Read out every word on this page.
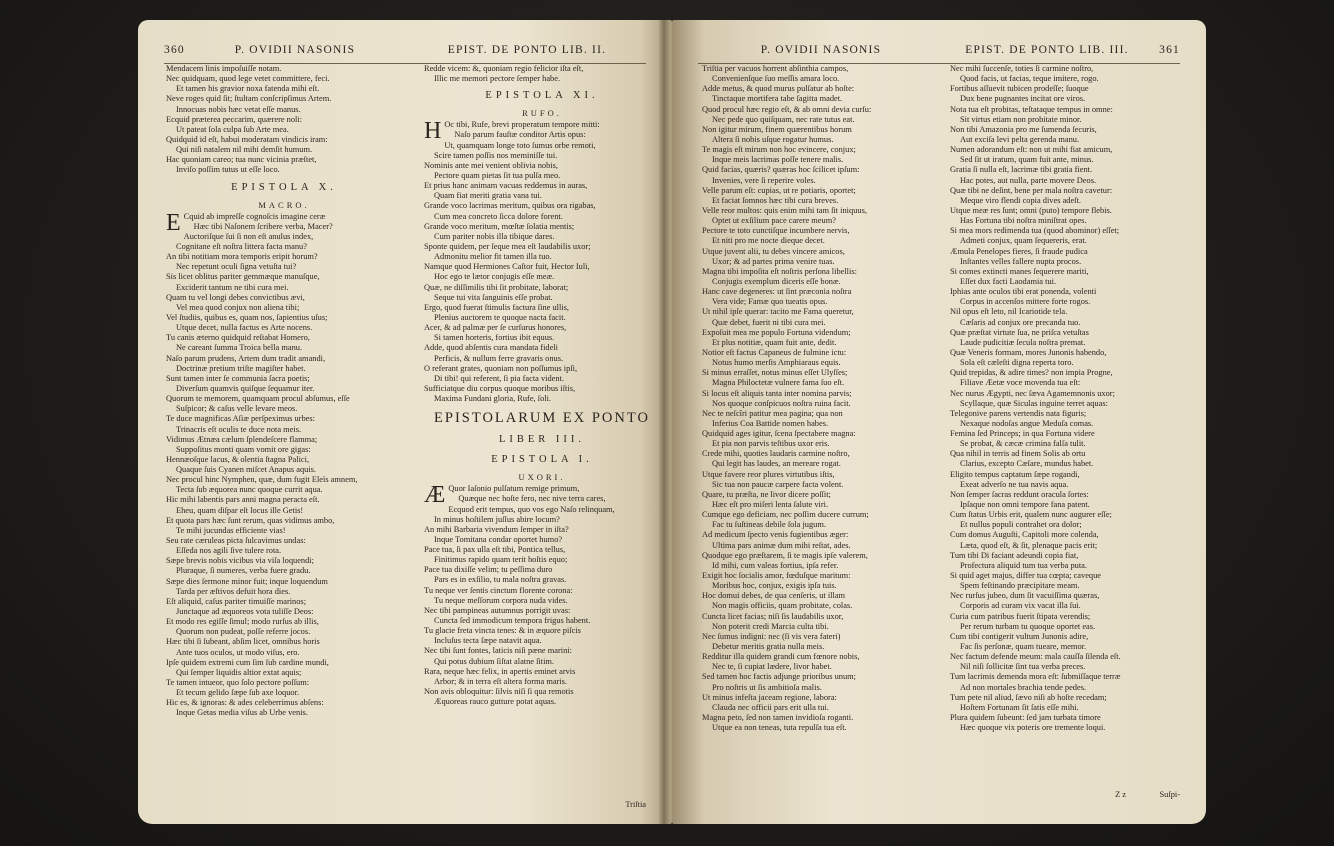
360	P. OVIDII NASONIS	EPIST. DE PONTO LIB. II.
Mendacem linis impoſuiſſe notam.
Nec quidquam, quod lege vetet committere, feci.
Et tamen his gravior noxa fatenda mihi eſt.
Neve roges quid ſit; ſtultam conſcripſimus Artem.
Innocuas nobis hæc vetat eſſe manus.
Ecquid præterea peccarim, quærere noli:
Ut pateat ſola culpa ſub Arte mea.
Quidquid id eſt, habui moderatam vindicis iram:
Qui niſi natalem nil mihi demſit humum.
Hac quoniam careo; tua nunc vicinia præſtet,
Inviſo poſſim tutus ut eſſe loco.
EPISTOLA X.
MACRO.
E Cquid ab impreſſe cognoſcis imagine ceræ
Hæc tibi Naſonem ſcribere verba, Macer?
Auctoriſque ſui ſi non eſt anulus index,
Cognitane eſt noſtra littera facta manu?
An tibi notitiam mora temporis eripit horum?
Nec repetunt oculi ſigna vetuſta tui?
Sis licet oblitus pariter gemmæque manuſque,
Exciderit tantum ne tibi cura mei.
Quam tu vel longi debes convictibus ævi,
Vel mea quod conjux non aliena tibi;
Vel ſtudiis, quibus es, quam nos, ſapientius uſus;
Utque decet, nulla factus es Arte nocens.
Tu canis æterno quidquid reſtabat Homero,
Ne careant ſumma Troica bella manu.
Naſo parum prudens, Artem dum tradit amandi,
Doctrinæ pretium triſte magiſter habet.
Sunt tamen inter ſe communia ſacra poetis;
Diverſum quamvis quiſque ſequamur iter.
Quorum te memorem, quamquam procul abſumus, eſſe
Suſpicor; & caſus velle levare meos.
Te duce magnificas Aſiæ perſpeximus urbes:
Trinacris eſt oculis te duce nota meis.
Vidimus Ætnæa cælum ſplendeſcere flamma;
Suppoſitus monti quam vomit ore gigas:
Hennæoſque lacus, & olentia ſtagna Palici,
Quaque ſuis Cyanen miſcet Anapus aquis.
Nec procul hinc Nymphen, quæ, dum fugit Eleïs amnem,
Tecta ſub æquorea nunc quoque currit aqua.
Hic mihi labentis pars anni magna peracta eſt.
Eheu, quam diſpar eſt locus ille Getis!
Et quota pars hæc ſunt rerum, quas vidimus ambo,
Te mihi jucundas efficiente vias!
Seu rate cæruleas picta ſulcavimus undas:
Eſſeda nos agili ſive tulere rota.
Sæpe brevis nobis vicibus via viſa loquendi;
Pluraque, ſi numeres, verba fuere gradu.
Sæpe dies ſermone minor fuit; inque loquendum
Tarda per æſtivos defuit hora dies.
Eſt aliquid, caſus pariter timuiſſe marinos;
Junctaque ad æquoreos vota tuliſſe Deos:
Et modo res egiſſe ſimul; modo rurſus ab illis,
Quorum non pudeat, poſſe referre jocos.
Hæc tibi ſi ſubeant, abſim licet, omnibus horis
Ante tuos oculos, ut modo viſus, ero.
Ipſe quidem extremi cum ſim ſub cardine mundi,
Qui ſemper liquidis altior extat aquis;
Te tamen intueor, quo ſolo pectore poſſum:
Et tecum gelido ſæpe ſub axe loquor.
Hic es, & ignoras: & ades celeberrimus abſens:
Inque Getas media viſus ab Urbe venis.
Redde vicem: &, quoniam regio felicior iſta eſt,
Illic me memori pectore ſemper habe.
EPISTOLA XI.
RUFO.
H Oc tibi, Rufe, brevi properatum tempore mitti:
Naſo parum fauſtæ conditor Artis opus:
Ut, quamquam longe toto ſumus orbe remoti,
Scire tamen poſſis nos meminiſſe tui.
Nominis ante mei venient oblivia nobis,
Pectore quam pietas ſit tua pulſa meo.
Et prius hanc animam vacuas reddemus in auras,
Quam fiat meriti gratia vana tui.
Grande voco lacrimas meritum, quibus ora rigabas,
Cum mea concreto ſicca dolore forent.
Grande voco meritum, mœſtæ ſolatia mentis;
Cum pariter nobis illa tibique dares.
Sponte quidem, per ſeque mea eſt laudabilis uxor;
Admonitu melior fit tamen illa tuo.
Namque quod Hermiones Caſtor fuit, Hector Iuli,
Hoc ego te lætor conjugis eſſe meæ.
Quæ, ne diſſimilis tibi ſit probitate, laborat;
Seque tui vita ſanguinis eſſe probat.
Ergo, quod fuerat ſtimulis factura ſine ullis,
Plenius auctorem te quoque nacta facit.
Acer, & ad palmæ per ſe curſurus honores,
Si tamen horteris, fortius ibit equus.
Adde, quod abſentis cura mandata fideli
Perficis, & nullum ferre gravaris onus.
O referant grates, quoniam non poſſumus ipſi,
Di tibi! qui referent, ſi pia facta vident.
Sufficiatque diu corpus quoque moribus iſtis,
Maxima Fundani gloria, Rufe, ſoli.
EPISTOLARUM EX PONTO
LIBER III.
EPISTOLA I.
UXORI.
Æ Quor Iaſonio pulſatum remige primum,
Quæque nec hoſte fero, nec nive terra cares,
Ecquod erit tempus, quo vos ego Naſo relinquam,
In minus hoſtilem juſſus abire locum?
An mihi Barbaria vivendum ſemper in iſta?
Inque Tomitana condar oportet humo?
Pace tua, ſi pax ulla eſt tibi, Pontica tellus,
Finitimus rapido quam terit hoſtis equo;
Pace tua dixiſſe velim; tu peſſima duro
Pars es in exſilio, tu mala noſtra gravas.
Tu neque ver ſentis cinctum florente corona:
Tu neque meſſorum corpora nuda vides.
Nec tibi pampineas autumnus porrigit uvas:
Cuncta ſed immodicum tempora frigus habent.
Tu glacie freta vincta tenes: & in æquore piſcis
Incluſus tecta ſæpe natavit aqua.
Nec tibi ſunt fontes, laticis niſi pæne marini:
Qui potus dubium ſiſtat alatne ſitim.
Rara, neque hæc felix, in apertis eminet arvis
Arbor; & in terra eſt altera forma maris.
Non avis obloquitur: ſilvis niſi ſi qua remotis
Æquoreas rauco gutture potat aquas.
Triſtia
P. OVIDII NASONIS	EPIST. DE PONTO LIB. III.	361
Triſtia per vacuos horrent abſinthia campos,
Convenienſque ſuo meſſis amara loco.
Adde metus, & quod murus pulſatur ab hoſte:
Tinctaque mortifera tabe ſagitta madet.
Quod procul hæc regio eſt, & ab omni devia curſu:
Nec pede quo quiſquam, nec rate tutus eat.
Non igitur mirum, finem quærentibus horum
Altera ſi nobis uſque rogatur humus.
Te magis eſt mirum non hoc evincere, conjux;
Inque meis lacrimas poſſe tenere malis.
Quid facias, quæris? quæras hoc ſcilicet ipſum:
Invenies, vere ſi reperire voles.
Velle parum eſt: cupias, ut re potiaris, oportet;
Et faciat ſomnos hæc tibi cura breves.
Velle reor multos: quis enim mihi tam ſit iniquus,
Optet ut exſilium pace carere meum?
Pectore te toto cunctiſque incumbere nervis,
Et niti pro me nocte dieque decet.
Utque juvent alii, tu debes vincere amicos,
Uxor; & ad partes prima venire tuas.
Magna tibi impoſita eſt noſtris perſona libellis:
Conjugis exemplum diceris eſſe bonæ.
Hanc cave degeneres: ut ſint præconia noſtra
Vera vide; Famæ quo tueatis opus.
Ut nihil ipſe querar: tacito me Fama queretur,
Quæ debet, fuerit ni tibi cura mei.
Expoſuit mea me populo Fortuna videndum;
Et plus notitiæ, quam fuit ante, dedit.
Notior eſt factus Capaneus de fulmine ictu:
Notus humo merſis Amphiaraus equis.
Si minus erraſſet, notus minus eſſet Ulyſſes;
Magna Philoctetæ vulnere fama ſuo eſt.
Si locus eſt aliquis tanta inter nomina parvis;
Nos quoque conſpicuos noſtra ruina facit.
Nec te neſcîri patitur mea pagina; qua non
Inferius Coa Battide nomen habes.
Quidquid ages igitur, ſcena ſpectabere magna:
Et pia non parvis teſtibus uxor eris.
Crede mihi, quoties laudaris carmine noſtro,
Qui legit has laudes, an mereare rogat.
Utque favere reor plures virtutibus iſtis,
Sic tua non paucæ carpere facta volent.
Quare, tu præſta, ne livor dicere poſſit;
Hæc eſt pro miſeri lenta ſalute viri.
Cumque ego deficiam, nec poſſim ducere currum;
Fac tu ſuſtineas debile ſola jugum.
Ad medicum ſpecto venis fugientibus æger:
Ultima pars animæ dum mihi reſtat, ades.
Quodque ego præſtarem, ſi te magis ipſe valerem,
Id mihi, cum valeas fortius, ipſa refer.
Exigit hoc ſocialis amor, fœduſque maritum:
Moribus hoc, conjux, exigis ipſa tuis.
Hoc domui debes, de qua cenſeris, ut illam
Non magis officiis, quam probitate, colas.
Cuncta licet facias; niſi ſis laudabilis uxor,
Non poterit credi Marcia culta tibi.
Nec ſumus indigni: nec (ſi vis vera fateri)
Debetur meritis gratia nulla meis.
Redditur illa quidem grandi cum fœnore nobis,
Nec te, ſi cupiat lædere, livor habet.
Sed tamen hoc factis adjunge prioribus unum;
Pro noſtris ut ſis ambitioſa malis.
Ut minus infeſta jaceam regione, labora:
Clauda nec officii pars erit ulla tui.
Magna peto, ſed non tamen invidioſa roganti.
Utque ea non teneas, tuta repulſa tua eſt.
Nec mihi ſuccenſe, toties ſi carmine noſtro,
Quod facis, ut facias, teque imitere, rogo.
Fortibus aſſuevit tubicen prodeſſe; ſuoque
Dux bene pugnantes incitat ore viros.
Nota tua eſt probitas, teſtataque tempus in omne:
Sit virtus etiam non probitate minor.
Non tibi Amazonia pro me ſumenda ſecuris,
Aut exciſa levi pelta gerenda manu.
Numen adorandum eſt: non ut mihi fiat amicum,
Sed ſit ut iratum, quam fuit ante, minus.
Gratia ſi nulla eſt, lacrimæ tibi gratia fient.
Hac potes, aut nulla, parte movere Deos.
Quæ tibi ne deſint, bene per mala noſtra cavetur:
Meque viro flendi copia dives adeſt.
Utque meæ res ſunt; omni (puto) tempore flebis.
Has Fortuna tibi noſtra miniſtrat opes.
Si mea mors redimenda tua (quod abominor) eſſet;
Admeti conjux, quam ſequereris, erat.
Æmula Penelopes fieres, ſi fraude pudica
Inſtantes velles fallere nupta procos.
Si comes extincti manes ſequerere mariti,
Eſſet dux facti Laodamia tui.
Iphias ante oculos tibi erat ponenda, volenti
Corpus in accenſos mittere forte rogos.
Nil opus eſt leto, nil Icariotide tela.
Cæſaris ad conjux ore precanda tuo.
Quæ præſtat virtute ſua, ne priſca vetuſtas
Laude pudicitiæ ſecula noſtra premat.
Quæ Veneris formam, mores Junonis habendo,
Sola eſt cæleſti digna reperta toro.
Quid trepidas, & adire times? non impia Progne,
Filiave Æetæ voce movenda tua eſt:
Nec nurus Ægypti, nec ſæva Agamemnonis uxor;
Scyllaque, quæ Siculas inguine terret aquas:
Telegonive parens vertendis nata figuris;
Nexaque nodoſas angue Meduſa comas.
Femina ſed Princeps; in qua Fortuna videre
Se probat, & cæcæ crimina falſa tulit.
Qua nihil in terris ad finem Solis ab ortu
Clarius, excepto Cæſare, mundus habet.
Eligito tempus captatum ſæpe rogandi,
Exeat adverſo ne tua navis aqua.
Non ſemper ſacras reddunt oracula ſortes:
Ipſaque non omni tempore fana patent.
Cum ſtatus Urbis erit, qualem nunc augurer eſſe;
Et nullus populi contrahet ora dolor;
Cum domus Auguſti, Capitoli more colenda,
Læta, quod eſt, & ſit, plenaque pacis erit;
Tum tibi Di faciant adeundi copia fiat,
Profectura aliquid tum tua verba puta.
Si quid aget majus, differ tua cœpta; caveque
Spem feſtinando præcipitare meam.
Nec rurſus jubeo, dum ſit vacuiſſima quæras,
Corporis ad curam vix vacat illa ſui.
Curia cum patribus fuerit ſtipata verendis;
Per rerum turbam tu quoque oportet eas.
Cum tibi contigerit vultum Junonis adire,
Fac ſis perſonæ, quam tueare, memor.
Nec factum defende meum: mala cauſſa ſilenda eſt.
Nil niſi ſollicitæ ſint tua verba preces.
Tum lacrimis demenda mora eſt: ſubmiſſaque terræ
Ad non mortales brachia tende pedes.
Tum pete nil aliud, ſævo niſi ab hoſte recedam;
Hoſtem Fortunam ſit ſatis eſſe mihi.
Plura quidem ſubeunt: ſed jam turbata timore
Hæc quoque vix poteris ore tremente loqui.
Z z	Suſpi-
